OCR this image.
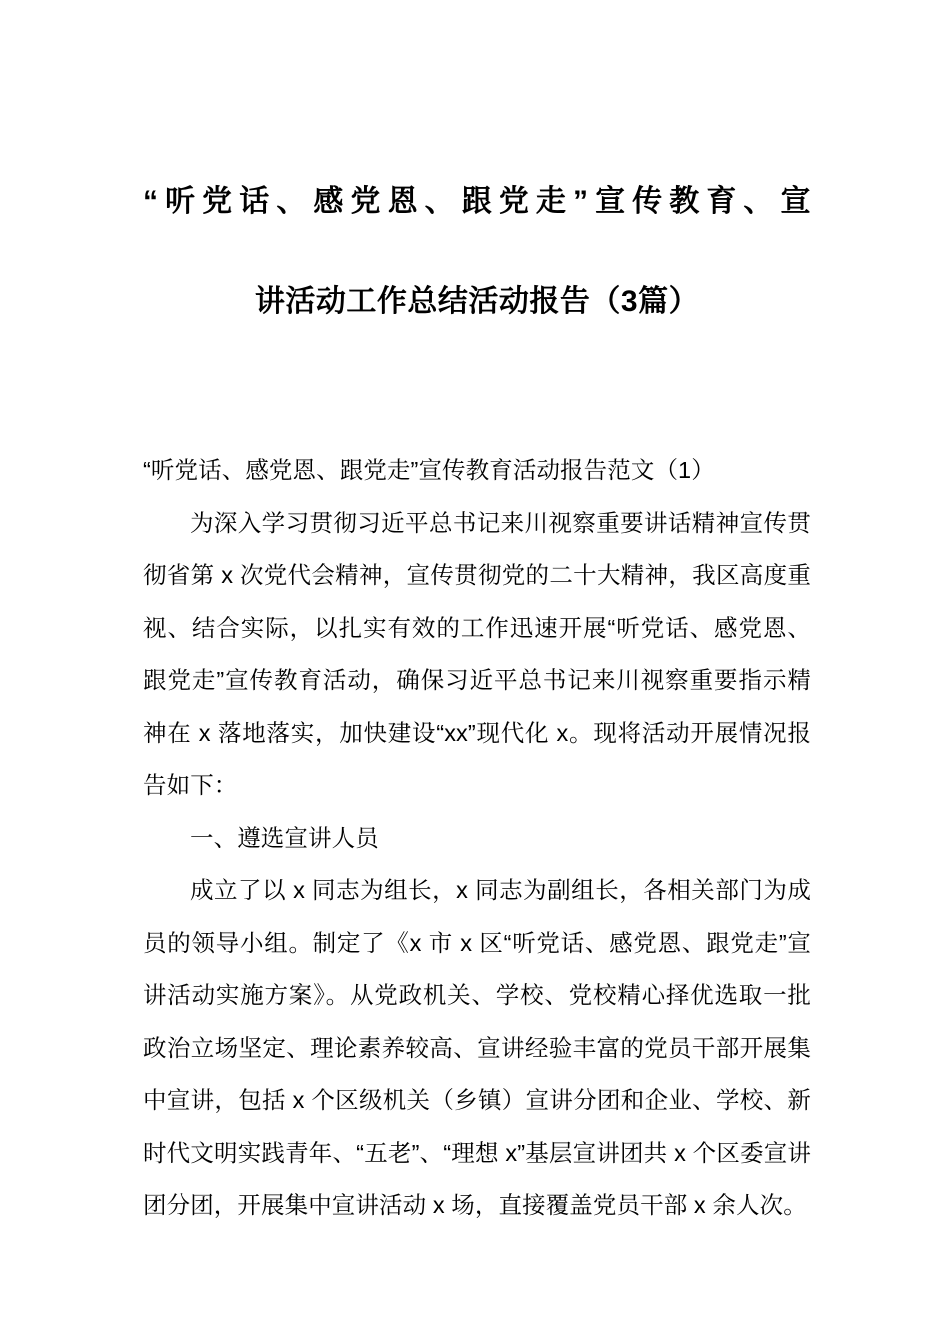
“听党话、感党恩、跟党走”宣传教育、宣
讲活动工作总结活动报告（3篇）

“听党话、感党恩、跟党走”宣传教育活动报告范文（1）

为深入学习贯彻习近平总书记来川视察重要讲话精神宣传贯彻省第 x 次党代会精神，宣传贯彻党的二十大精神，我区高度重视、结合实际，以扎实有效的工作迅速开展“听党话、感党恩、跟党走”宣传教育活动，确保习近平总书记来川视察重要指示精神在 x 落地落实，加快建设“xx”现代化 x。现将活动开展情况报告如下：

一、遵选宣讲人员

成立了以 x 同志为组长，x 同志为副组长，各相关部门为成员的领导小组。制定了《x 市 x 区“听党话、感党恩、跟党走”宣讲活动实施方案》。从党政机关、学校、党校精心择优选取一批政治立场坚定、理论素养较高、宣讲经验丰富的党员干部开展集中宣讲，包括 x 个区级机关（乡镇）宣讲分团和企业、学校、新时代文明实践青年、“五老”、“理想 x”基层宣讲团共 x 个区委宣讲团分团，开展集中宣讲活动 x 场，直接覆盖党员干部 x 余人次。
